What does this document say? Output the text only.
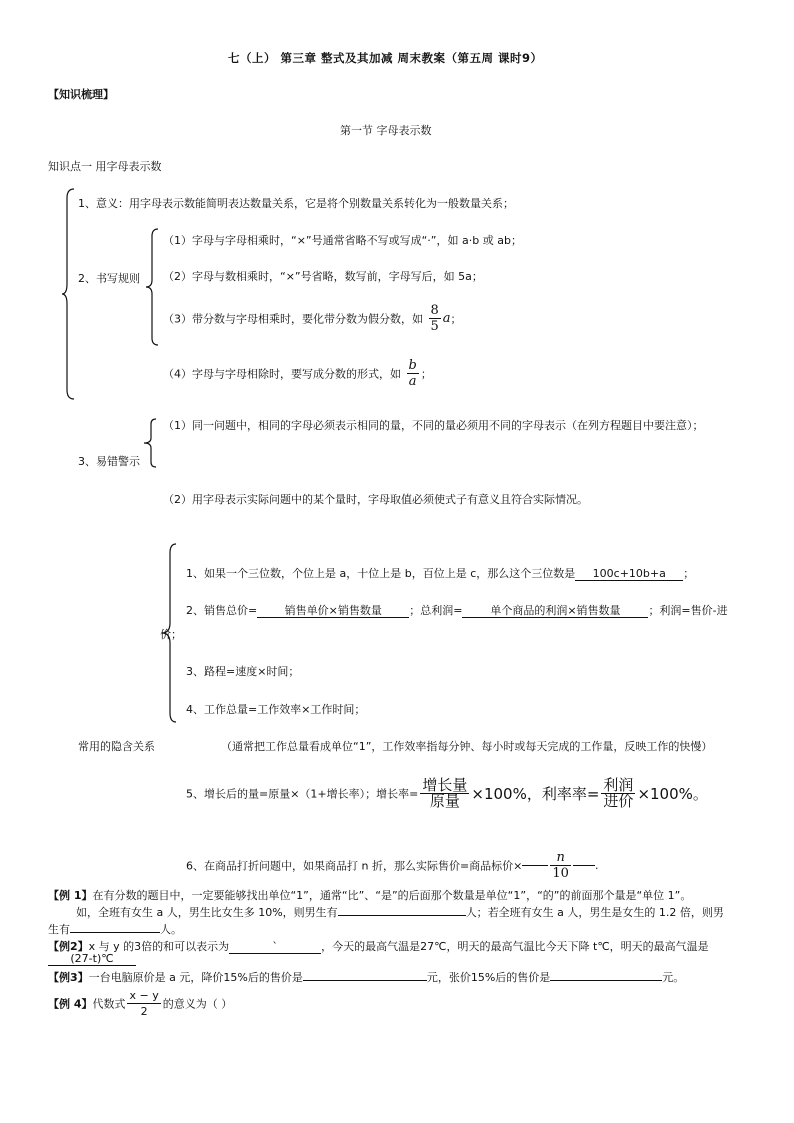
七（上） 第三章 整式及其加减 周末教案（第五周 课时9）
【知识梳理】
第一节 字母表示数
知识点一 用字母表示数
1、意义：用字母表示数能简明表达数量关系，它是将个别数量关系转化为一般数量关系；
2、书写规则
（1）字母与字母相乘时，“×”号通常省略不写或写成“·”，如 a·b 或 ab；
（2）字母与数相乘时，“×”号省略，数写前，字母写后，如 5a；
（3）带分数与字母相乘时，要化带分数为假分数，如 $\frac{8}{5}$ a；
（4）字母与字母相除时，要写成分数的形式，如 $\frac{b}{a}$ ；
（1）同一问题中，相同的字母必须表示相同的量，不同的量必须用不同的字母表示（在列方程题目中要注意）；
3、易错警示
（2）用字母表示实际问题中的某个量时，字母取值必须使式子有意义且符合实际情况。
1、如果一个三位数，个位上是 a，十位上是 b，百位上是 c，那么这个三位数是 100c+10b+a ；
2、销售总价= 销售单价×销售数量 ；总利润=	单个商品的利润×销售数量	；利润=售价-进
价；
3、路程=速度×时间；
4、工作总量=工作效率×工作时间；
常用的隐含关系	（通常把工作总量看成单位“1”，工作效率指每分钟、每小时或每天完成的工作量，反映工作的快慢）
5、增长后的量=原量×（1+增长率）；增长率= $\frac{\text{增长量}}{\text{原量}} \times 100\%$，利率率= $\frac{\text{利润}}{\text{进价}} \times 100\%$。
6、在商品打折问题中，如果商品打 n 折，那么实际售价=商品标价× $\frac{n}{10}$ .
【例 1】在有分数的题目中，一定要能够找出单位“1”，通常“比”、“是”的后面那个数量是单位“1”，“的”的前面那个量是“单位 1”。
如，全班有女生 a 人，男生比女生多 10%，则男生有	人；若全班有女生 a 人，男生是女生的 1.2 倍，则男
生有	人。
【例2】x 与 y 的3倍的和可以表示为	`	，今天的最高气温是27℃，明天的最高气温比今天下降 t℃，明天的最高气温是
(27-t)℃
【例3】一台电脑原价是 a 元，降价15%后的售价是	元，张价15%后的售价是	元。
【例 4】代数式 $\frac{x - y}{2}$ 的意义为（ ）
